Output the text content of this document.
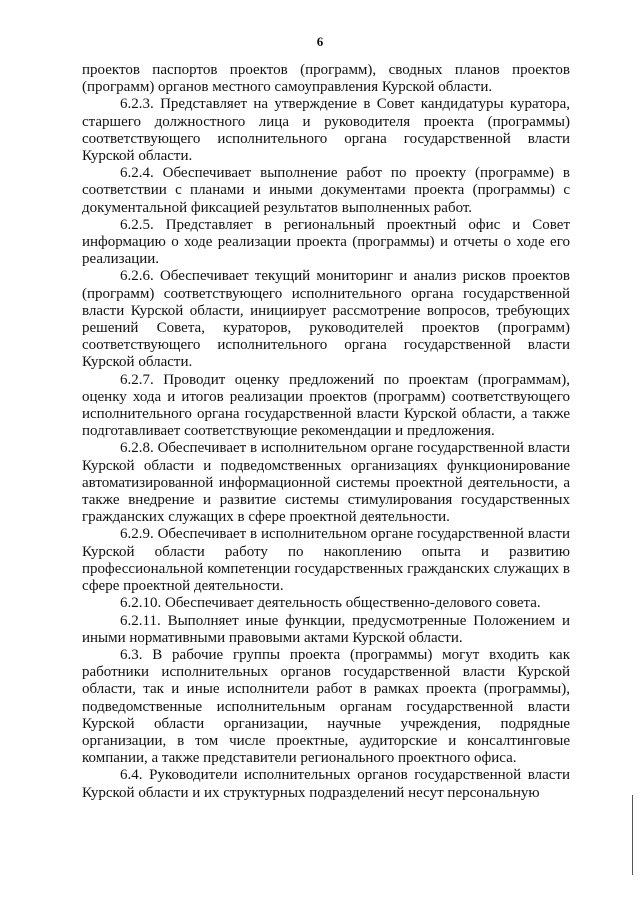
6

проектов паспортов проектов (программ), сводных планов проектов (программ) органов местного самоуправления Курской области.

6.2.3. Представляет на утверждение в Совет кандидатуры куратора, старшего должностного лица и руководителя проекта (программы) соответствующего исполнительного органа государственной власти Курской области.

6.2.4. Обеспечивает выполнение работ по проекту (программе) в соответствии с планами и иными документами проекта (программы) с документальной фиксацией результатов выполненных работ.

6.2.5. Представляет в региональный проектный офис и Совет информацию о ходе реализации проекта (программы) и отчеты о ходе его реализации.

6.2.6. Обеспечивает текущий мониторинг и анализ рисков проектов (программ) соответствующего исполнительного органа государственной власти Курской области, инициирует рассмотрение вопросов, требующих решений Совета, кураторов, руководителей проектов (программ) соответствующего исполнительного органа государственной власти Курской области.

6.2.7. Проводит оценку предложений по проектам (программам), оценку хода и итогов реализации проектов (программ) соответствующего исполнительного органа государственной власти Курской области, а также подготавливает соответствующие рекомендации и предложения.

6.2.8. Обеспечивает в исполнительном органе государственной власти Курской области и подведомственных организациях функционирование автоматизированной информационной системы проектной деятельности, а также внедрение и развитие системы стимулирования государственных гражданских служащих в сфере проектной деятельности.

6.2.9. Обеспечивает в исполнительном органе государственной власти Курской области работу по накоплению опыта и развитию профессиональной компетенции государственных гражданских служащих в сфере проектной деятельности.

6.2.10. Обеспечивает деятельность общественно-делового совета.

6.2.11. Выполняет иные функции, предусмотренные Положением и иными нормативными правовыми актами Курской области.

6.3. В рабочие группы проекта (программы) могут входить как работники исполнительных органов государственной власти Курской области, так и иные исполнители работ в рамках проекта (программы), подведомственные исполнительным органам государственной власти Курской области организации, научные учреждения, подрядные организации, в том числе проектные, аудиторские и консалтинговые компании, а также представители регионального проектного офиса.

6.4. Руководители исполнительных органов государственной власти Курской области и их структурных подразделений несут персональную
